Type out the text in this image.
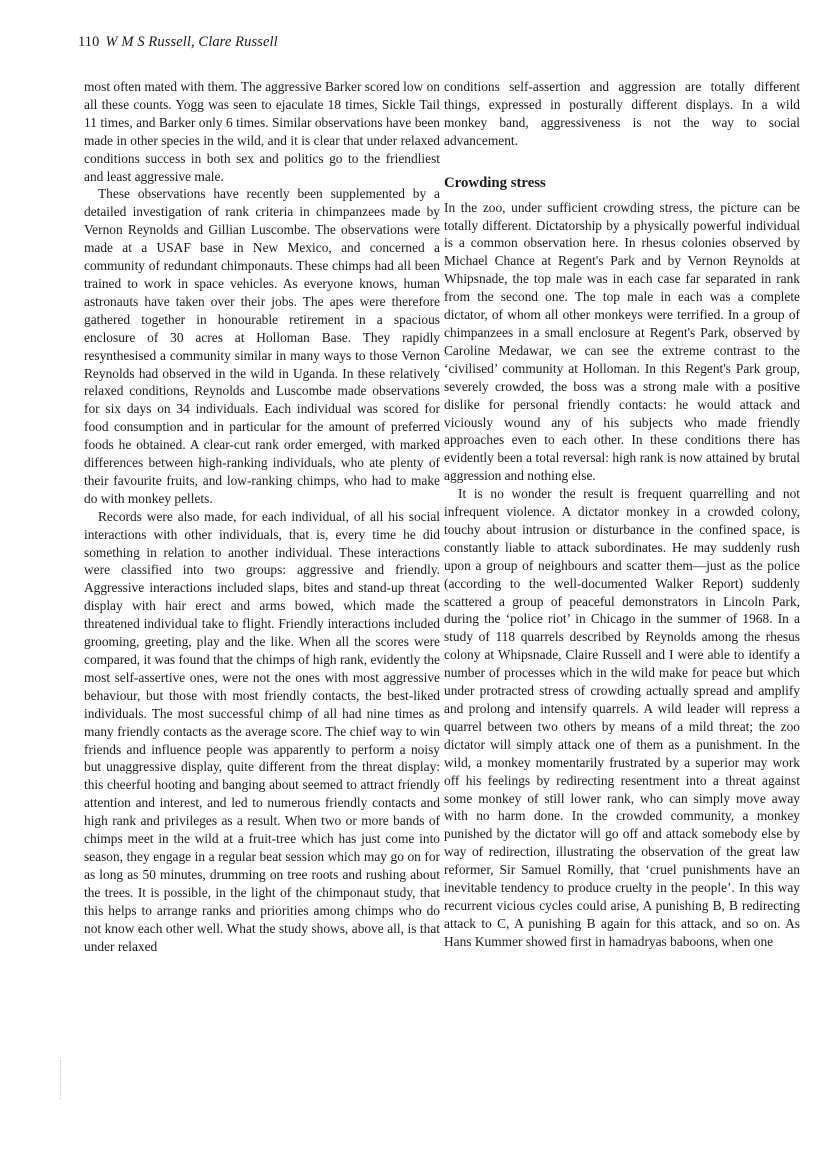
110 W M S Russell, Clare Russell

most often mated with them. The aggressive Barker scored low on all these counts. Yogg was seen to ejaculate 18 times, Sickle Tail 11 times, and Barker only 6 times. Similar observations have been made in other species in the wild, and it is clear that under relaxed conditions success in both sex and politics go to the friendliest and least aggressive male.

These observations have recently been supplemented by a detailed investigation of rank criteria in chimpanzees made by Vernon Reynolds and Gillian Luscombe. The observations were made at a USAF base in New Mexico, and concerned a community of redundant chimponauts. These chimps had all been trained to work in space vehicles. As everyone knows, human astronauts have taken over their jobs. The apes were therefore gathered together in honourable retirement in a spacious enclosure of 30 acres at Holloman Base. They rapidly resynthesised a community similar in many ways to those Vernon Reynolds had observed in the wild in Uganda. In these relatively relaxed conditions, Reynolds and Luscombe made observations for six days on 34 individuals. Each individual was scored for food consumption and in particular for the amount of preferred foods he obtained. A clear-cut rank order emerged, with marked differences between high-ranking individuals, who ate plenty of their favourite fruits, and low-ranking chimps, who had to make do with monkey pellets.

Records were also made, for each individual, of all his social interactions with other individuals, that is, every time he did something in relation to another individual. These interactions were classified into two groups: aggressive and friendly. Aggressive interactions included slaps, bites and stand-up threat display with hair erect and arms bowed, which made the threatened individual take to flight. Friendly interactions included grooming, greeting, play and the like. When all the scores were compared, it was found that the chimps of high rank, evidently the most self-assertive ones, were not the ones with most aggressive behaviour, but those with most friendly contacts, the best-liked individuals. The most successful chimp of all had nine times as many friendly contacts as the average score. The chief way to win friends and influence people was apparently to perform a noisy but unaggressive display, quite different from the threat display: this cheerful hooting and banging about seemed to attract friendly attention and interest, and led to numerous friendly contacts and high rank and privileges as a result. When two or more bands of chimps meet in the wild at a fruit-tree which has just come into season, they engage in a regular beat session which may go on for as long as 50 minutes, drumming on tree roots and rushing about the trees. It is possible, in the light of the chimponaut study, that this helps to arrange ranks and priorities among chimps who do not know each other well. What the study shows, above all, is that under relaxed

conditions self-assertion and aggression are totally different things, expressed in posturally different displays. In a wild monkey band, aggressiveness is not the way to social advancement.

Crowding stress

In the zoo, under sufficient crowding stress, the picture can be totally different. Dictatorship by a physically powerful individual is a common observation here. In rhesus colonies observed by Michael Chance at Regent's Park and by Vernon Reynolds at Whipsnade, the top male was in each case far separated in rank from the second one. The top male in each was a complete dictator, of whom all other monkeys were terrified. In a group of chimpanzees in a small enclosure at Regent's Park, observed by Caroline Medawar, we can see the extreme contrast to the ‘civilised’ community at Holloman. In this Regent's Park group, severely crowded, the boss was a strong male with a positive dislike for personal friendly contacts: he would attack and viciously wound any of his subjects who made friendly approaches even to each other. In these conditions there has evidently been a total reversal: high rank is now attained by brutal aggression and nothing else.

It is no wonder the result is frequent quarrelling and not infrequent violence. A dictator monkey in a crowded colony, touchy about intrusion or disturbance in the confined space, is constantly liable to attack subordinates. He may suddenly rush upon a group of neighbours and scatter them—just as the police (according to the well-documented Walker Report) suddenly scattered a group of peaceful demonstrators in Lincoln Park, during the ‘police riot’ in Chicago in the summer of 1968. In a study of 118 quarrels described by Reynolds among the rhesus colony at Whipsnade, Claire Russell and I were able to identify a number of processes which in the wild make for peace but which under protracted stress of crowding actually spread and amplify and prolong and intensify quarrels. A wild leader will repress a quarrel between two others by means of a mild threat; the zoo dictator will simply attack one of them as a punishment. In the wild, a monkey momentarily frustrated by a superior may work off his feelings by redirecting resentment into a threat against some monkey of still lower rank, who can simply move away with no harm done. In the crowded community, a monkey punished by the dictator will go off and attack somebody else by way of redirection, illustrating the observation of the great law reformer, Sir Samuel Romilly, that ‘cruel punishments have an inevitable tendency to produce cruelty in the people’. In this way recurrent vicious cycles could arise, A punishing B, B redirecting attack to C, A punishing B again for this attack, and so on. As Hans Kummer showed first in hamadryas baboons, when one
